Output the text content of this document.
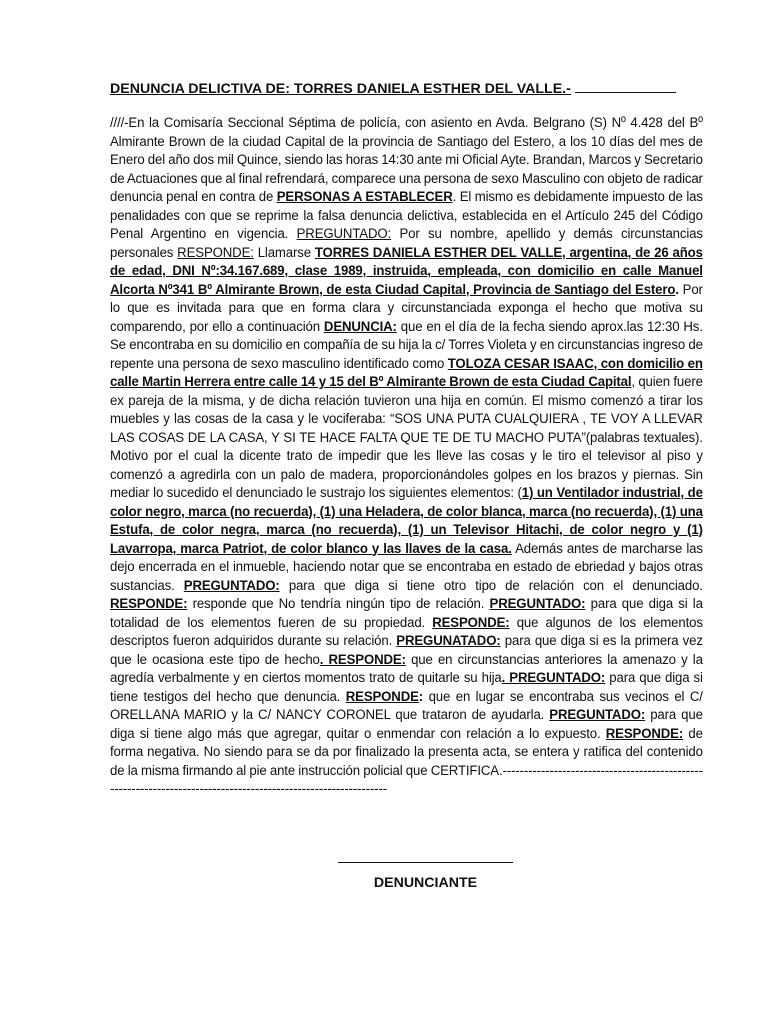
DENUNCIA DELICTIVA DE: TORRES DANIELA ESTHER DEL VALLE.-

////-En la Comisaría Seccional Séptima de policía, con asiento en Avda. Belgrano (S) Nº 4.428 del Bº Almirante Brown de la ciudad Capital de la provincia de Santiago del Estero, a los 10 días del mes de Enero del año dos mil Quince, siendo las horas 14:30 ante mi Oficial Ayte. Brandan, Marcos y Secretario de Actuaciones que al final refrendará, comparece una persona de sexo Masculino con objeto de radicar denuncia penal en contra de PERSONAS A ESTABLECER. El mismo es debidamente impuesto de las penalidades con que se reprime la falsa denuncia delictiva, establecida en el Artículo 245 del Código Penal Argentino en vigencia. PREGUNTADO: Por su nombre, apellido y demás circunstancias personales RESPONDE: Llamarse TORRES DANIELA ESTHER DEL VALLE, argentina, de 26 años de edad, DNI Nº:34.167.689, clase 1989, instruida, empleada, con domicilio en calle Manuel Alcorta Nº341 Bº Almirante Brown, de esta Ciudad Capital, Provincia de Santiago del Estero. Por lo que es invitada para que en forma clara y circunstanciada exponga el hecho que motiva su comparendo, por ello a continuación DENUNCIA: que en el día de la fecha siendo aprox.las 12:30 Hs. Se encontraba en su domicilio en compañía de su hija la c/ Torres Violeta y en circunstancias ingreso de repente una persona de sexo masculino identificado como TOLOZA CESAR ISAAC, con domicilio en calle Martin Herrera entre calle 14 y 15 del Bº Almirante Brown de esta Ciudad Capital, quien fuere ex pareja de la misma, y de dicha relación tuvieron una hija en común. El mismo comenzó a tirar los muebles y las cosas de la casa y le vociferaba: “SOS UNA PUTA CUALQUIERA , TE VOY A LLEVAR LAS COSAS DE LA CASA, Y SI TE HACE FALTA QUE TE DE TU MACHO PUTA”(palabras textuales). Motivo por el cual la dicente trato de impedir que les lleve las cosas y le tiro el televisor al piso y comenzó a agredirla con un palo de madera, proporcionándoles golpes en los brazos y piernas. Sin mediar lo sucedido el denunciado le sustrajo los siguientes elementos: (1) un Ventilador industrial, de color negro, marca (no recuerda), (1) una Heladera, de color blanca, marca (no recuerda), (1) una Estufa, de color negra, marca (no recuerda), (1) un Televisor Hitachi, de color negro y (1) Lavarropa, marca Patriot, de color blanco y las llaves de la casa. Además antes de marcharse las dejo encerrada en el inmueble, haciendo notar que se encontraba en estado de ebriedad y bajos otras sustancias. PREGUNTADO: para que diga si tiene otro tipo de relación con el denunciado. RESPONDE: responde que No tendría ningún tipo de relación. PREGUNTADO: para que diga si la totalidad de los elementos fueren de su propiedad. RESPONDE: que algunos de los elementos descriptos fueron adquiridos durante su relación. PREGUNATADO: para que diga si es la primera vez que le ocasiona este tipo de hecho. RESPONDE: que en circunstancias anteriores la amenazo y la agredía verbalmente y en ciertos momentos trato de quitarle su hija. PREGUNTADO: para que diga si tiene testigos del hecho que denuncia. RESPONDE: que en lugar se encontraba sus vecinos el C/ ORELLANA MARIO y la C/ NANCY CORONEL que trataron de ayudarla. PREGUNTADO: para que diga si tiene algo más que agregar, quitar o enmendar con relación a lo expuesto. RESPONDE: de forma negativa. No siendo para se da por finalizado la presenta acta, se entera y ratifica del contenido de la misma firmando al pie ante instrucción policial que CERTIFICA.----------------------------------------------------------------------------------------------------------------

DENUNCIANTE
